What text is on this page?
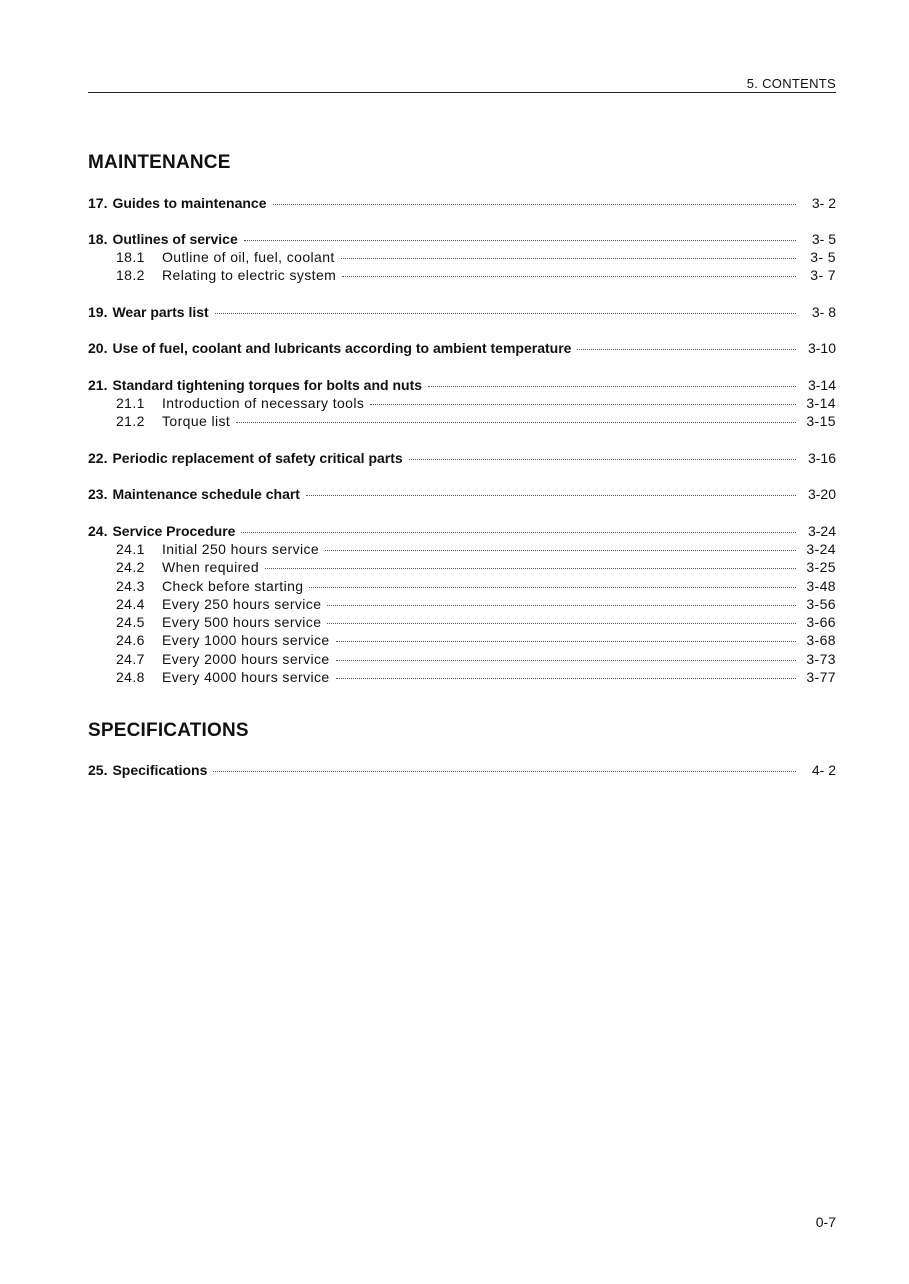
5. CONTENTS
MAINTENANCE
17. Guides to maintenance	3- 2
18. Outlines of service	3- 5
18.1	Outline of oil, fuel, coolant	3- 5
18.2	Relating to electric system	3- 7
19. Wear parts list	3- 8
20. Use of fuel, coolant and lubricants according to ambient temperature	3-10
21. Standard tightening torques for bolts and nuts	3-14
21.1	Introduction of necessary tools	3-14
21.2	Torque list	3-15
22. Periodic replacement of safety critical parts	3-16
23. Maintenance schedule chart	3-20
24. Service Procedure	3-24
24.1	Initial 250 hours service	3-24
24.2	When required	3-25
24.3	Check before starting	3-48
24.4	Every 250 hours service	3-56
24.5	Every 500 hours service	3-66
24.6	Every 1000 hours service	3-68
24.7	Every 2000 hours service	3-73
24.8	Every 4000 hours service	3-77
SPECIFICATIONS
25. Specifications	4- 2
0-7
